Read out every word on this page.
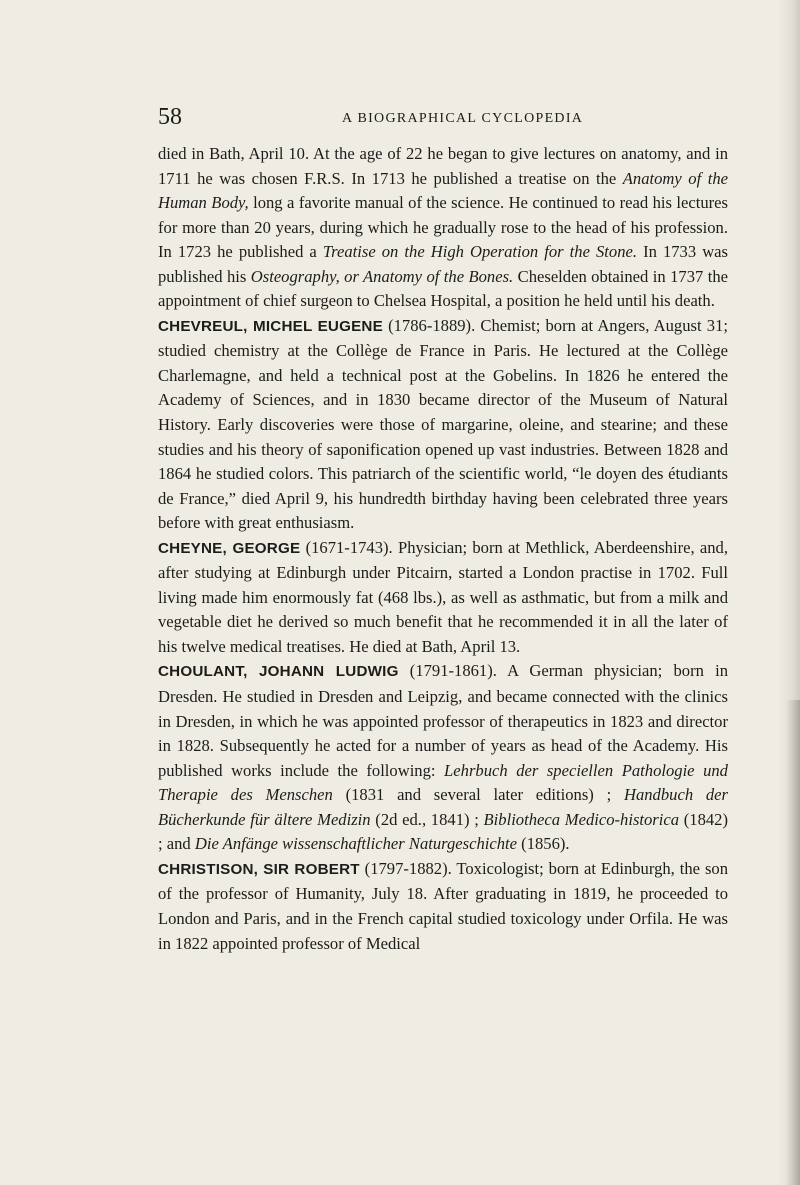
58	A BIOGRAPHICAL CYCLOPEDIA

died in Bath, April 10. At the age of 22 he began to give lectures on anatomy, and in 1711 he was chosen F.R.S. In 1713 he published a treatise on the Anatomy of the Human Body, long a favorite manual of the science. He continued to read his lectures for more than 20 years, during which he gradually rose to the head of his profession. In 1723 he published a Treatise on the High Operation for the Stone. In 1733 was published his Osteography, or Anatomy of the Bones. Cheselden obtained in 1737 the appointment of chief surgeon to Chelsea Hospital, a position he held until his death.

CHEVREUL, MICHEL EUGENE (1786-1889). Chemist; born at Angers, August 31; studied chemistry at the Collège de France in Paris. He lectured at the Collège Charlemagne, and held a technical post at the Gobelins. In 1826 he entered the Academy of Sciences, and in 1830 became director of the Museum of Natural History. Early discoveries were those of margarine, oleine, and stearine; and these studies and his theory of saponification opened up vast industries. Between 1828 and 1864 he studied colors. This patriarch of the scientific world, “le doyen des étudiants de France,” died April 9, his hundredth birthday having been celebrated three years before with great enthusiasm.

CHEYNE, GEORGE (1671-1743). Physician; born at Methlick, Aberdeenshire, and, after studying at Edinburgh under Pitcairn, started a London practise in 1702. Full living made him enormously fat (468 lbs.), as well as asthmatic, but from a milk and vegetable diet he derived so much benefit that he recommended it in all the later of his twelve medical treatises. He died at Bath, April 13.

CHOULANT, JOHANN LUDWIG (1791-1861). A German physician; born in Dresden. He studied in Dresden and Leipzig, and became connected with the clinics in Dresden, in which he was appointed professor of therapeutics in 1823 and director in 1828. Subsequently he acted for a number of years as head of the Academy. His published works include the following: Lehrbuch der speciellen Pathologie und Therapie des Menschen (1831 and several later editions) ; Handbuch der Bücherkunde für ältere Medizin (2d ed., 1841) ; Bibliotheca Medico-historica (1842) ; and Die Anfänge wissenschaftlicher Naturgeschichte (1856).

CHRISTISON, SIR ROBERT (1797-1882). Toxicologist; born at Edinburgh, the son of the professor of Humanity, July 18. After graduating in 1819, he proceeded to London and Paris, and in the French capital studied toxicology under Orfila. He was in 1822 appointed professor of Medical
